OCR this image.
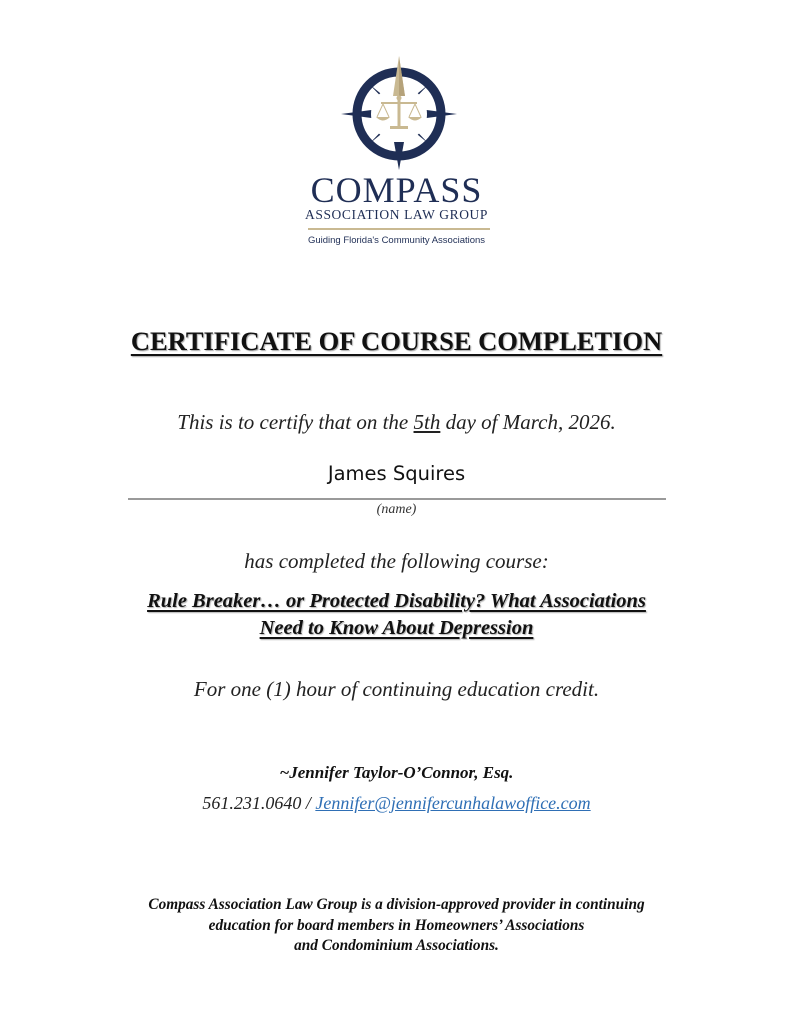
COMPASS
ASSOCIATION LAW GROUP
Guiding Florida's Community Associations
CERTIFICATE OF COURSE COMPLETION
This is to certify that on the 5th day of March, 2026.
James Squires
(name)
has completed the following course:
Rule Breaker… or Protected Disability? What Associations
Need to Know About Depression
For one (1) hour of continuing education credit.
~Jennifer Taylor-O’Connor, Esq.
561.231.0640 / Jennifer@jennifercunhalawoffice.com
Compass Association Law Group is a division-approved provider in continuing
education for board members in Homeowners’ Associations
and Condominium Associations.
